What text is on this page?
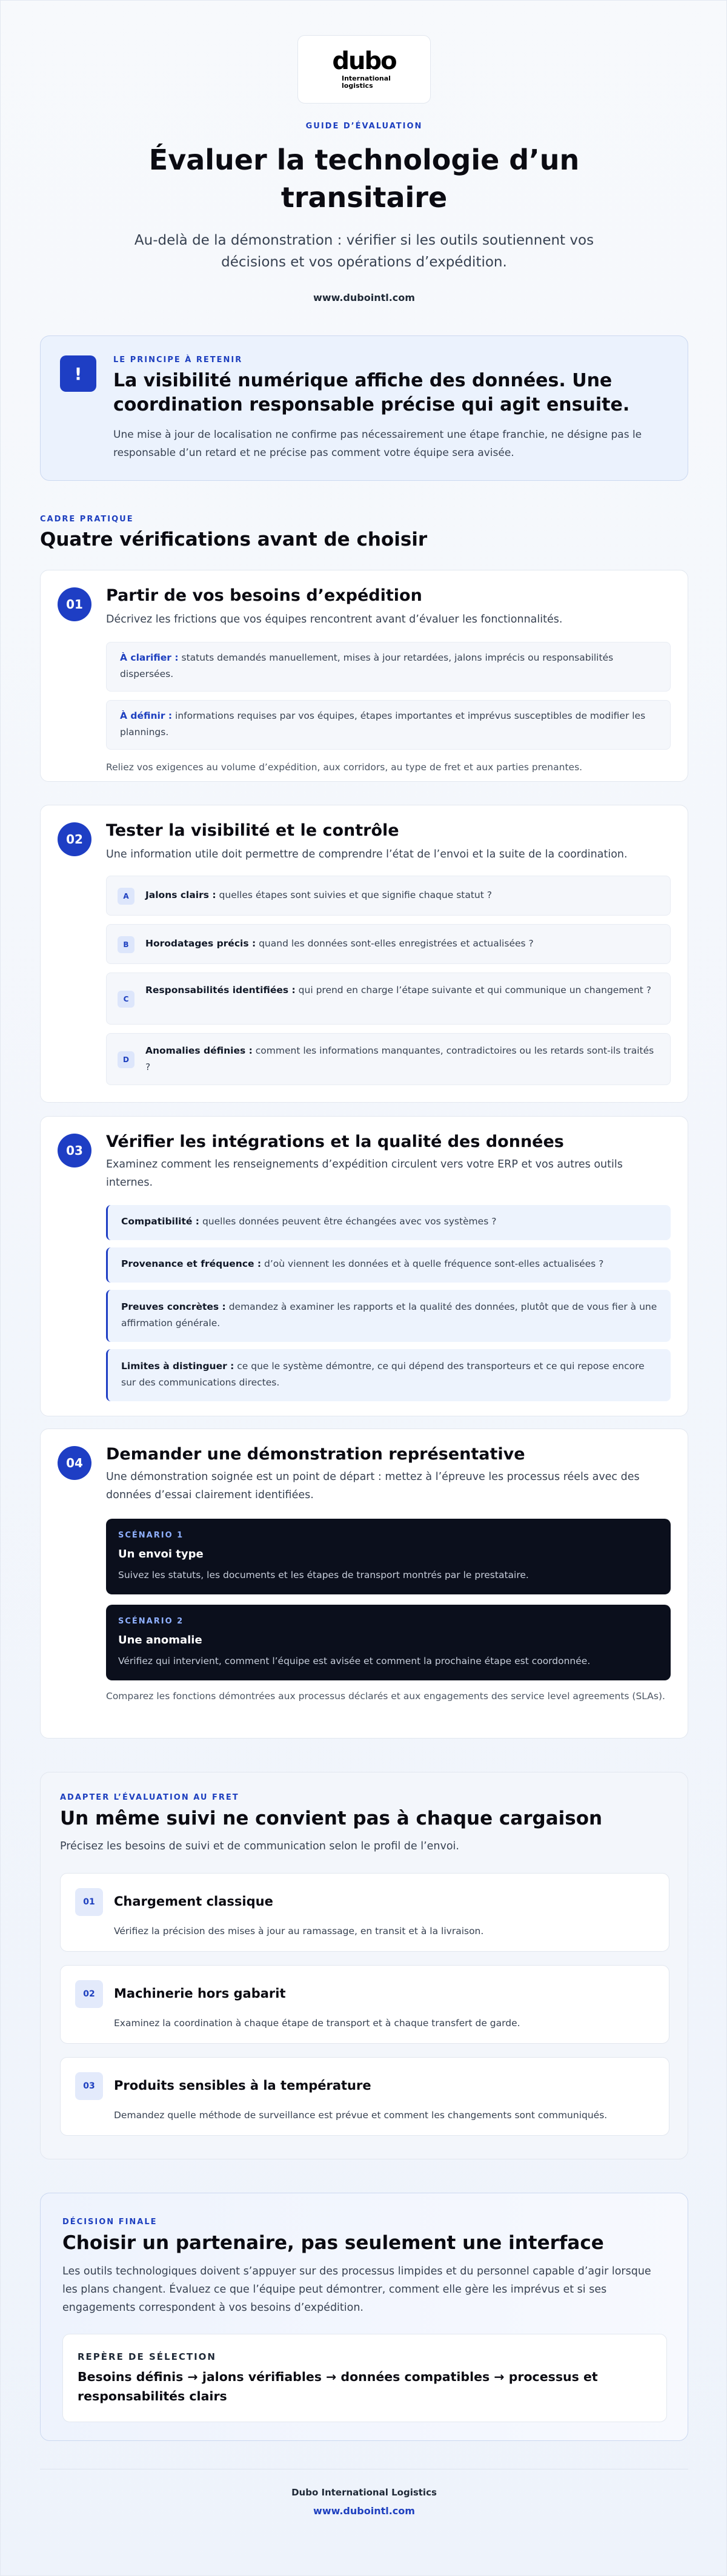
dubo
International logistics
GUIDE D’ÉVALUATION
Évaluer la technologie d’un transitaire
Au-delà de la démonstration : vérifier si les outils soutiennent vos décisions et vos opérations d’expédition.
www.dubointl.com
!
LE PRINCIPE À RETENIR
La visibilité numérique affiche des données. Une coordination responsable précise qui agit ensuite.
Une mise à jour de localisation ne confirme pas nécessairement une étape franchie, ne désigne pas le responsable d’un retard et ne précise pas comment votre équipe sera avisée.
CADRE PRATIQUE
Quatre vérifications avant de choisir
01	Partir de vos besoins d’expédition
Décrivez les frictions que vos équipes rencontrent avant d’évaluer les fonctionnalités.
À clarifier : statuts demandés manuellement, mises à jour retardées, jalons imprécis ou responsabilités dispersées.
À définir : informations requises par vos équipes, étapes importantes et imprévus susceptibles de modifier les plannings.
Reliez vos exigences au volume d’expédition, aux corridors, au type de fret et aux parties prenantes.
02	Tester la visibilité et le contrôle
Une information utile doit permettre de comprendre l’état de l’envoi et la suite de la coordination.
A	Jalons clairs : quelles étapes sont suivies et que signifie chaque statut ?
B	Horodatages précis : quand les données sont-elles enregistrées et actualisées ?
C
Responsabilités identifiées : qui prend en charge l’étape suivante et qui communique un changement ?
D
Anomalies définies : comment les informations manquantes, contradictoires ou les retards sont-ils traités ?
03	Vérifier les intégrations et la qualité des données
Examinez comment les renseignements d’expédition circulent vers votre ERP et vos autres outils internes.
Compatibilité : quelles données peuvent être échangées avec vos systèmes ?
Provenance et fréquence : d’où viennent les données et à quelle fréquence sont-elles actualisées ?
Preuves concrètes : demandez à examiner les rapports et la qualité des données, plutôt que de vous fier à une affirmation générale.
Limites à distinguer : ce que le système démontre, ce qui dépend des transporteurs et ce qui repose encore sur des communications directes.
04	Demander une démonstration représentative
Une démonstration soignée est un point de départ : mettez à l’épreuve les processus réels avec des données d’essai clairement identifiées.
SCÉNARIO 1
Un envoi type
Suivez les statuts, les documents et les étapes de transport montrés par le prestataire.
SCÉNARIO 2
Une anomalie
Vérifiez qui intervient, comment l’équipe est avisée et comment la prochaine étape est coordonnée.
Comparez les fonctions démontrées aux processus déclarés et aux engagements des service level agreements (SLAs).
ADAPTER L’ÉVALUATION AU FRET
Un même suivi ne convient pas à chaque cargaison
Précisez les besoins de suivi et de communication selon le profil de l’envoi.
01	Chargement classique
Vérifiez la précision des mises à jour au ramassage, en transit et à la livraison.
02	Machinerie hors gabarit
Examinez la coordination à chaque étape de transport et à chaque transfert de garde.
03	Produits sensibles à la température
Demandez quelle méthode de surveillance est prévue et comment les changements sont communiqués.
DÉCISION FINALE
Choisir un partenaire, pas seulement une interface
Les outils technologiques doivent s’appuyer sur des processus limpides et du personnel capable d’agir lorsque les plans changent. Évaluez ce que l’équipe peut démontrer, comment elle gère les imprévus et si ses engagements correspondent à vos besoins d’expédition.
REPÈRE DE SÉLECTION
Besoins définis → jalons vérifiables → données compatibles → processus et responsabilités clairs
Dubo International Logistics
www.dubointl.com
